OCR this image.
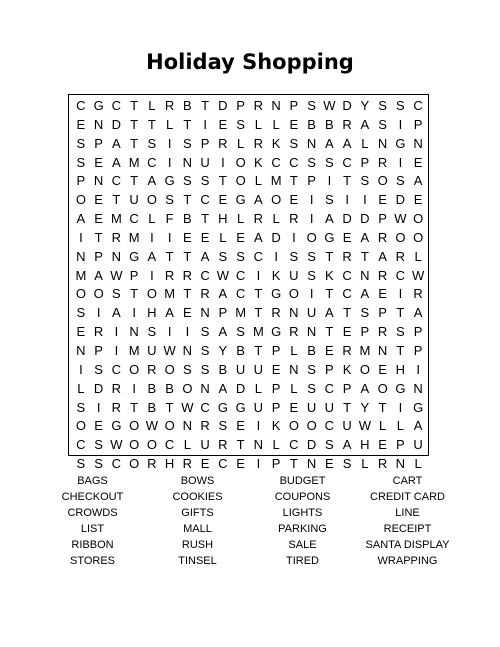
Holiday Shopping
C G C T L R B T D P R N P S W D Y S S C
E N D T T L T I E S L L E B B R A S I P
S P A T S I S P R L R K S N A A L N G N
S E A M C I N U I O K C C S S C P R I E
P N C T A G S S T O L M T P I T S O S A
O E T U O S T C E G A O E I S I	I E D E
A E M C L F B T H L R L R I A D D P W O
I T R M I	I E E L E A D I O G E A R O O
N P N G A T T A S S C I S S T R T A R L
M A W P I R R C W C I K U S K C N R C W
O O S T O M T R A C T G O I T C A E I R
S I A I H A E N P M T R N U A T S P T A
E R I N S I	I S A S M G R N T E P R S P
N P I M U W N S Y B T P L B E R M N T P
I S C O R O S S B U U E N S P K O E H I
L D R I B B O N A D L P L S C P A O G N
S I R T B T W C G G U P E U U T Y T I G
O E G O W O N R S E I K O O C U W L L A
C S W O O C L U R T N L C D S A H E P U
S S C O R H R E C E I P T N E S L R N L
BAGS	BOWS	BUDGET	CART
CHECKOUT	COOKIES	COUPONS	CREDIT CARD
CROWDS	GIFTS	LIGHTS	LINE
LIST	MALL	PARKING	RECEIPT
RIBBON	RUSH	SALE	SANTA DISPLAY
STORES	TINSEL	TIRED	WRAPPING
